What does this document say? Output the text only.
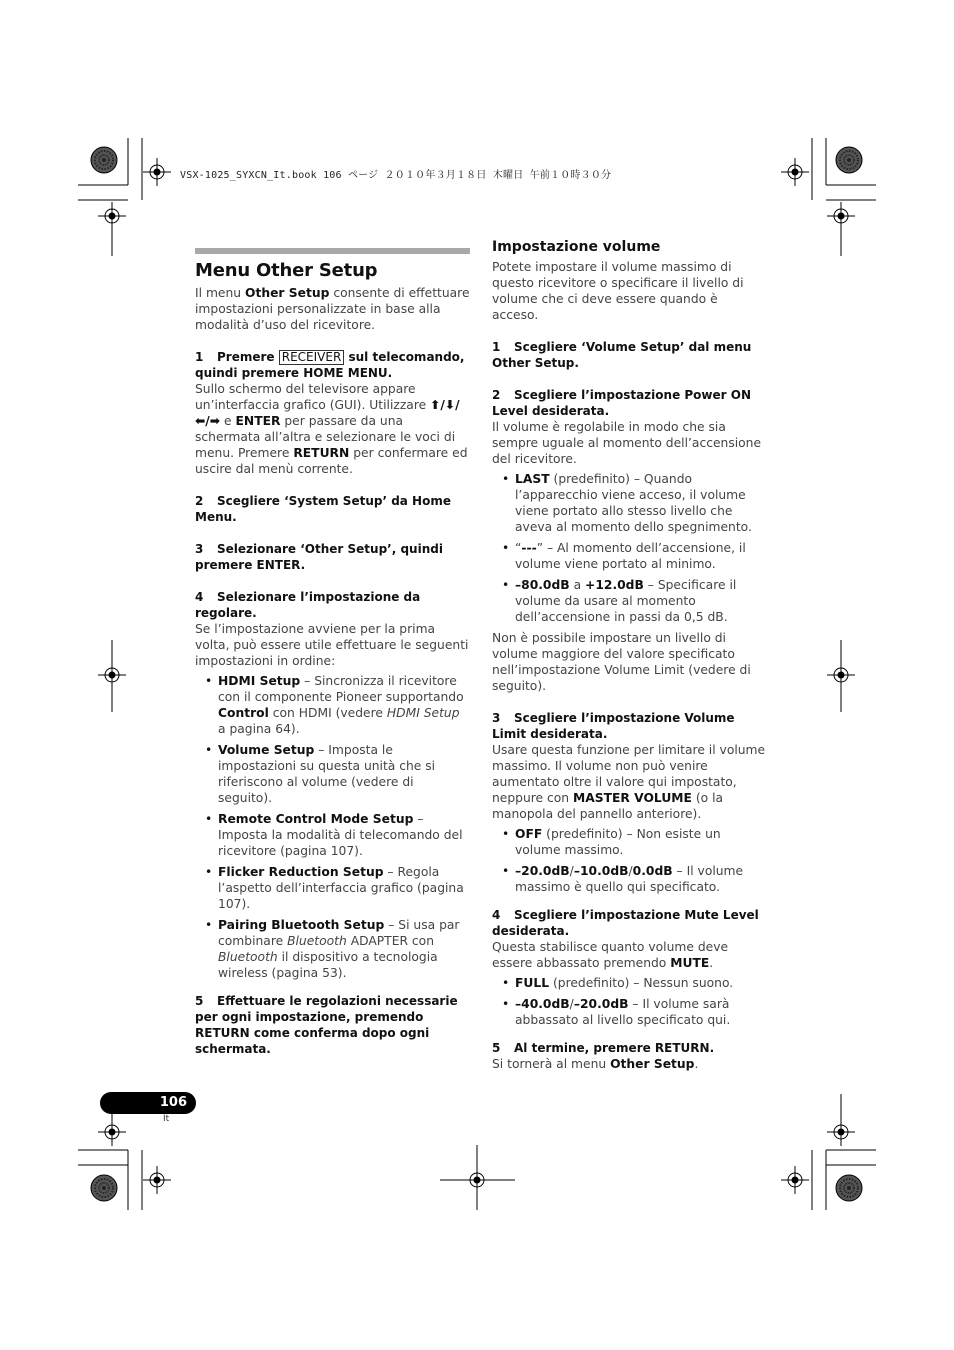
VSX-1025_SYXCN_It.book 106 ページ ２０１０年３月１８日 木曜日 午前１０時３０分
Menu Other Setup

Il menu Other Setup consente di effettuare impostazioni personalizzate in base alla modalità d’uso del ricevitore.

1 Premere RECEIVER sul telecomando, quindi premere HOME MENU.

Sullo schermo del televisore appare un’interfaccia grafico (GUI). Utilizzare ⬆/⬇/
⬅/➡ e ENTER per passare da una schermata all’altra e selezionare le voci di menu. Premere RETURN per confermare ed uscire dal menù corrente.

2 Scegliere ‘System Setup’ da Home Menu.
3 Selezionare ‘Other Setup’, quindi premere ENTER.
4 Selezionare l’impostazione da regolare.

Se l’impostazione avviene per la prima volta, può essere utile effettuare le seguenti impostazioni in ordine:

• HDMI Setup – Sincronizza il ricevitore con il componente Pioneer supportando Control con HDMI (vedere HDMI Setup a pagina 64).
• Volume Setup – Imposta le impostazioni su questa unità che si riferiscono al volume (vedere di seguito).
• Remote Control Mode Setup – Imposta la modalità di telecomando del ricevitore (pagina 107).
• Flicker Reduction Setup – Regola l’aspetto dell’interfaccia grafico (pagina 107).
• Pairing Bluetooth Setup – Si usa par combinare Bluetooth ADAPTER con Bluetooth il dispositivo a tecnologia wireless (pagina 53).
5 Effettuare le regolazioni necessarie per ogni impostazione, premendo RETURN come conferma dopo ogni schermata.
Impostazione volume

Potete impostare il volume massimo di questo ricevitore o specificare il livello di volume che ci deve essere quando è acceso.

1 Scegliere ‘Volume Setup’ dal menu Other Setup.
2 Scegliere l’impostazione Power ON Level desiderata.

Il volume è regolabile in modo che sia sempre uguale al momento dell’accensione del ricevitore.

• LAST (predefinito) – Quando l’apparecchio viene acceso, il volume viene portato allo stesso livello che aveva al momento dello spegnimento.
• “---” – Al momento dell’accensione, il volume viene portato al minimo.
• –80.0dB a +12.0dB – Specificare il volume da usare al momento dell’accensione in passi da 0,5 dB.

Non è possibile impostare un livello di volume maggiore del valore specificato nell’impostazione Volume Limit (vedere di seguito).

3 Scegliere l’impostazione Volume Limit desiderata.

Usare questa funzione per limitare il volume massimo. Il volume non può venire aumentato oltre il valore qui impostato, neppure con MASTER VOLUME (o la manopola del pannello anteriore).

• OFF (predefinito) – Non esiste un volume massimo.
• –20.0dB/–10.0dB/0.0dB – Il volume massimo è quello qui specificato.
4 Scegliere l’impostazione Mute Level desiderata.

Questa stabilisce quanto volume deve essere abbassato premendo MUTE.

• FULL (predefinito) – Nessun suono.
• –40.0dB/–20.0dB – Il volume sarà abbassato al livello specificato qui.
5 Al termine, premere RETURN.

Si tornerà al menu Other Setup.

106
It
